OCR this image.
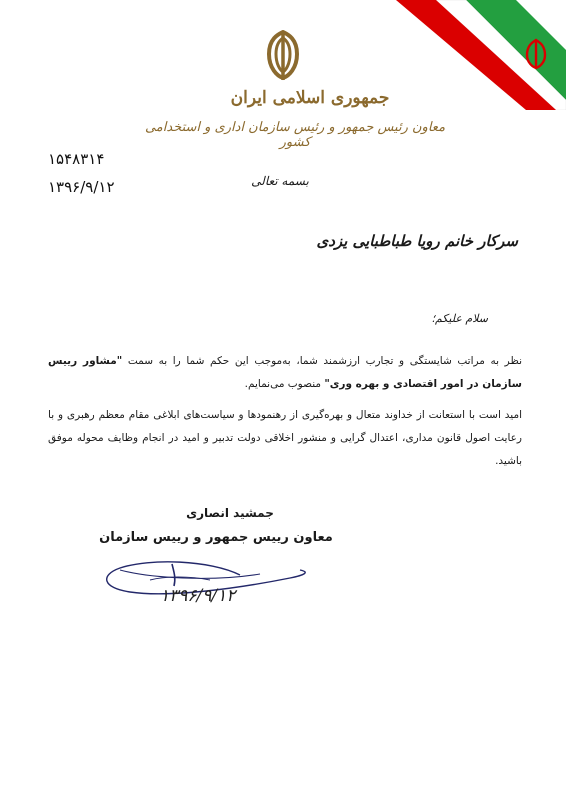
جمهوری اسلامی ایران
معاون رئیس جمهور و رئیس سازمان اداری و استخدامی کشور
۱۵۴۸۳۱۴
۱۳۹۶/۹/۱۲	بسمه تعالی
سرکار خانم رویا طباطبایی یزدی
سلام علیکم؛
نظر به مراتب شایستگی و تجارب ارزشمند شما، به‌موجب این حکم شما را به سمت "مشاور رییس سازمان در امور اقتصادی و بهره وری" منصوب می‌نمایم.
امید است با استعانت از خداوند متعال و بهره‌گیری از رهنمودها و سیاست‌های ابلاغی مقام معظم رهبری و با رعایت اصول قانون مداری، اعتدال گرایی و منشور اخلاقی دولت تدبیر و امید در انجام وظایف محوله موفق باشید.
جمشید انصاری
معاون رییس جمهور و رییس سازمان
۱۳۹۶/۹/۱۲
